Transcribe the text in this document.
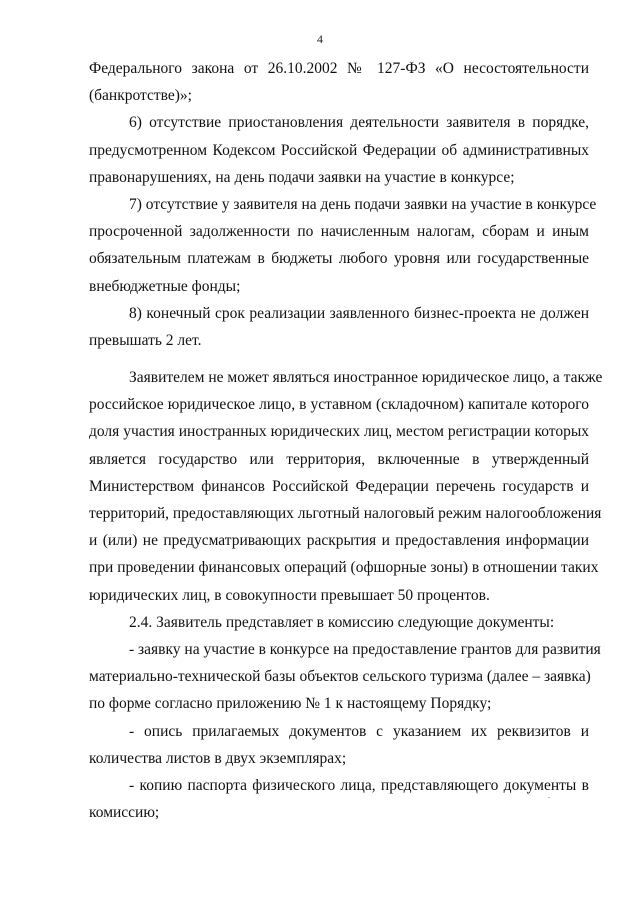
4
Федерального закона от 26.10.2002 № 127-ФЗ «О несостоятельности
(банкротстве)»;
6) отсутствие приостановления деятельности заявителя в порядке,
предусмотренном Кодексом Российской Федерации об административных
правонарушениях, на день подачи заявки на участие в конкурсе;
7) отсутствие у заявителя на день подачи заявки на участие в конкурсе
просроченной задолженности по начисленным налогам, сборам и иным
обязательным платежам в бюджеты любого уровня или государственные
внебюджетные фонды;
8) конечный срок реализации заявленного бизнес-проекта не должен
превышать 2 лет.
Заявителем не может являться иностранное юридическое лицо, а также
российское юридическое лицо, в уставном (складочном) капитале которого
доля участия иностранных юридических лиц, местом регистрации которых
является государство или территория, включенные в утвержденный
Министерством финансов Российской Федерации перечень государств и
территорий, предоставляющих льготный налоговый режим налогообложения
и (или) не предусматривающих раскрытия и предоставления информации
при проведении финансовых операций (офшорные зоны) в отношении таких
юридических лиц, в совокупности превышает 50 процентов.
2.4. Заявитель представляет в комиссию следующие документы:
- заявку на участие в конкурсе на предоставление грантов для развития
материально-технической базы объектов сельского туризма (далее – заявка)
по форме согласно приложению № 1 к настоящему Порядку;
- опись прилагаемых документов с указанием их реквизитов и
количества листов в двух экземплярах;
- копию паспорта физического лица, представляющего документы в
комиссию;
